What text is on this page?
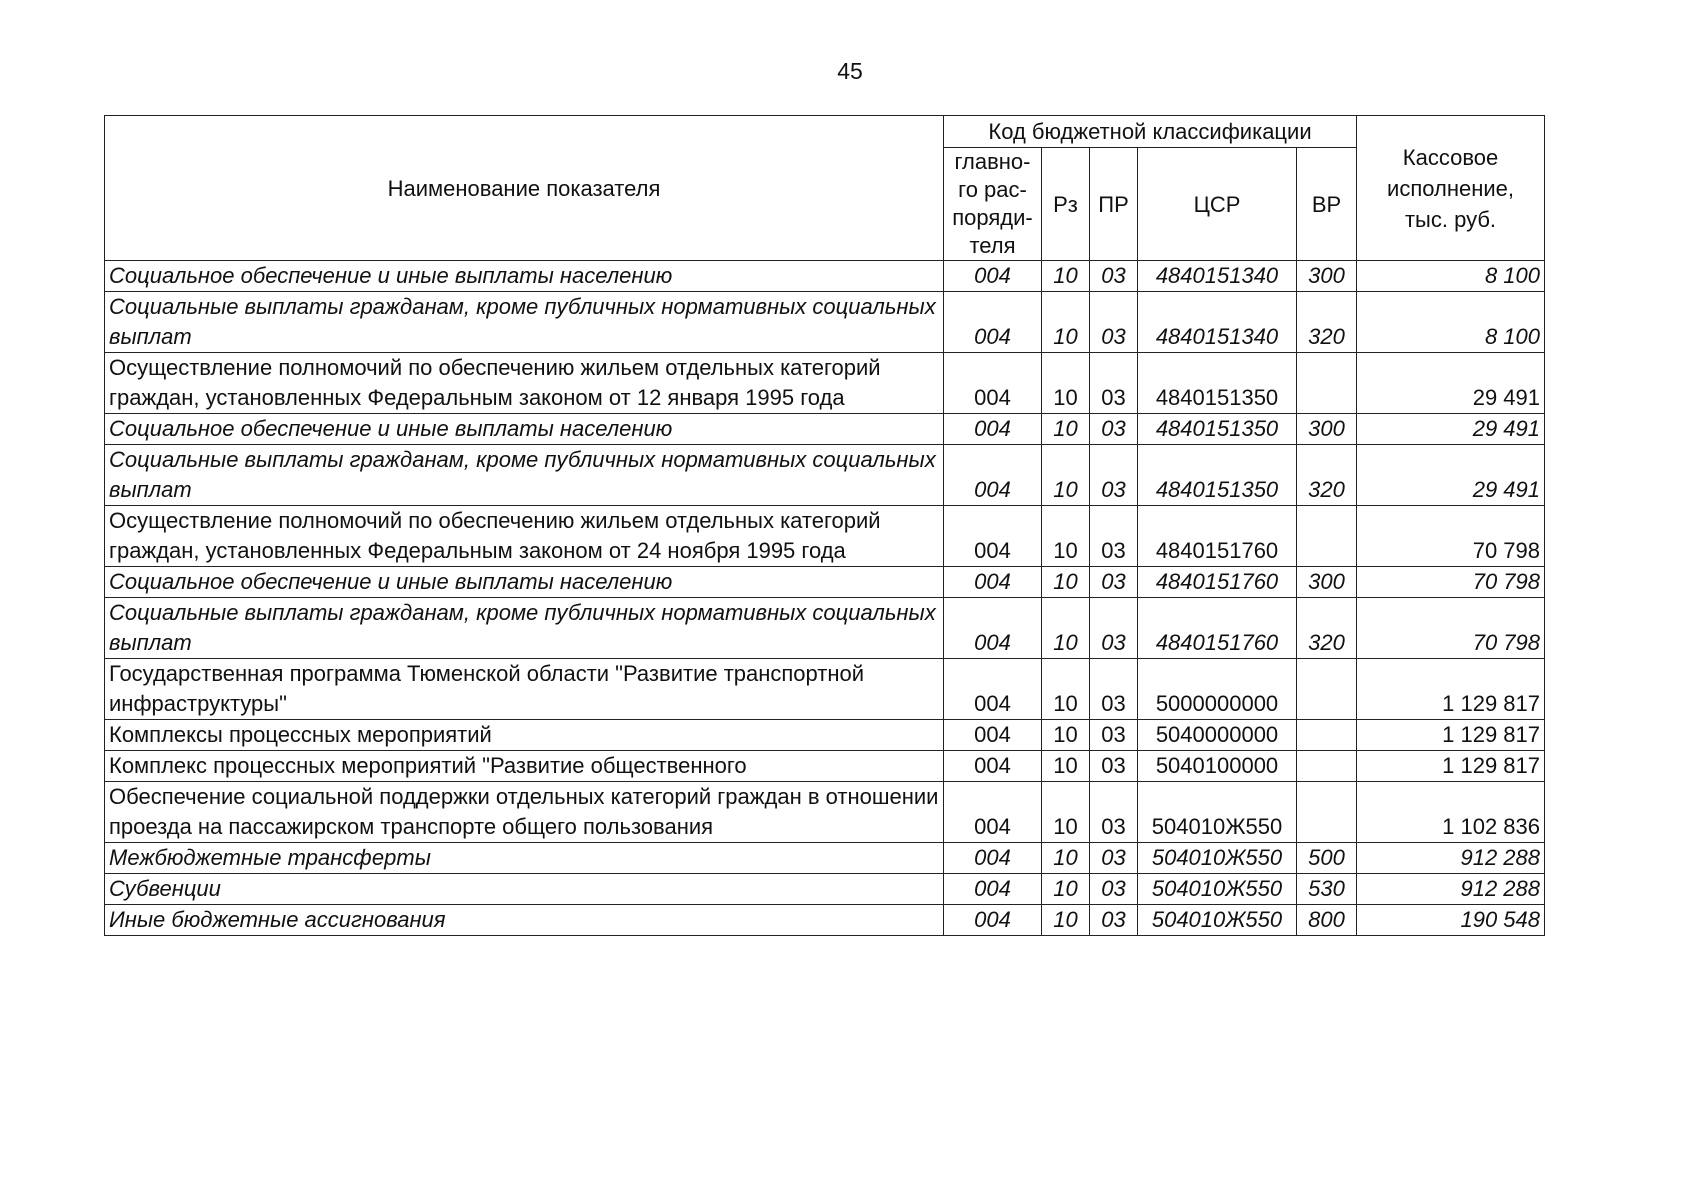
45
Наименование показателя	Код бюджетной классификации					Кассовое
исполнение,
тыс. руб.

	главно-
го рас-
поряди-
теля	Рз	ПР	ЦСР	ВР	
Социальное обеспечение и иные выплаты населению	004	10	03	4840151340	300	8 100
Социальные выплаты гражданам, кроме публичных нормативных социальных выплат	004	10	03	4840151340	320	8 100
Осуществление полномочий по обеспечению жильем отдельных категорий граждан, установленных Федеральным законом от 12 января 1995 года	004	10	03	4840151350		29 491
Социальное обеспечение и иные выплаты населению	004	10	03	4840151350	300	29 491
Социальные выплаты гражданам, кроме публичных нормативных социальных выплат	004	10	03	4840151350	320	29 491
Осуществление полномочий по обеспечению жильем отдельных категорий граждан, установленных Федеральным законом от 24 ноября 1995 года	004	10	03	4840151760		70 798
Социальное обеспечение и иные выплаты населению	004	10	03	4840151760	300	70 798
Социальные выплаты гражданам, кроме публичных нормативных социальных выплат	004	10	03	4840151760	320	70 798
Государственная программа Тюменской области "Развитие транспортной инфраструктуры"	004	10	03	5000000000		1 129 817
Комплексы процессных мероприятий	004	10	03	5040000000		1 129 817
Комплекс процессных мероприятий "Развитие общественного	004	10	03	5040100000		1 129 817
Обеспечение социальной поддержки отдельных категорий граждан в отношении проезда на пассажирском транспорте общего пользования	004	10	03	504010Ж550		1 102 836
Межбюджетные трансферты	004	10	03	504010Ж550	500	912 288
Субвенции	004	10	03	504010Ж550	530	912 288
Иные бюджетные ассигнования	004	10	03	504010Ж550	800	190 548
